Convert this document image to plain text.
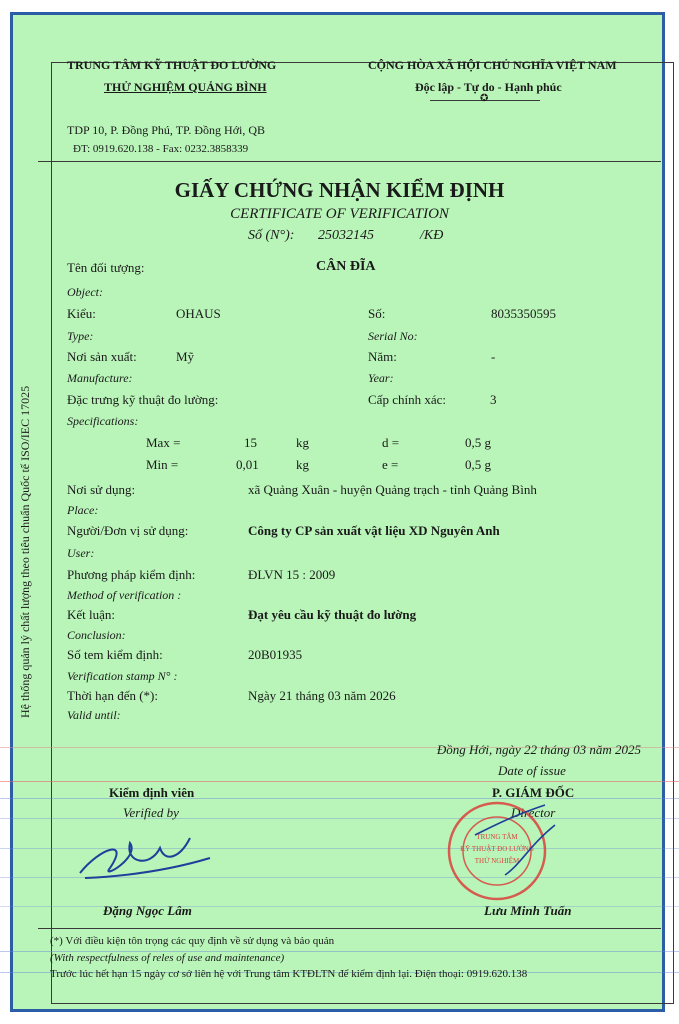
Hệ thống quản lý chất lượng theo tiêu chuẩn Quốc tế ISO/IEC 17025
TRUNG TÂM KỸ THUẬT ĐO LƯỜNG
THỬ NGHIỆM QUẢNG BÌNH
CỘNG HÒA XÃ HỘI CHỦ NGHĨA VIỆT NAM
Độc lập - Tự do - Hạnh phúc
✪
TDP 10, P. Đồng Phú, TP. Đồng Hới, QB
ĐT: 0919.620.138 - Fax: 0232.3858339
GIẤY CHỨNG NHẬN KIỂM ĐỊNH
CERTIFICATE OF VERIFICATION
Số (N°): 25032145	/KĐ
Tên đối tượng:	CÂN ĐĨA
Object:
Kiểu:	OHAUS	Số:	8035350595
Type:	Serial No:
Nơi sản xuất:	Mỹ	Năm:	-
Manufacture:	Year:
Đặc trưng kỹ thuật đo lường:	Cấp chính xác:	3
Specifications:
Max =	15	kg	d =	0,5 g
Min =	0,01	kg	e =	0,5 g
Nơi sử dụng:	xã Quảng Xuân - huyện Quảng trạch - tỉnh Quảng Bình
Place:
Người/Đơn vị sử dụng:	Công ty CP sản xuất vật liệu XD Nguyên Anh
User:
Phương pháp kiểm định:	ĐLVN 15 : 2009
Method of verification :
Kết luận:	Đạt yêu cầu kỹ thuật đo lường
Conclusion:
Số tem kiểm định:	20B01935
Verification stamp N° :
Thời hạn đến (*):	Ngày 21 tháng 03 năm 2026
Valid until:
Đồng Hới, ngày 22 tháng 03 năm 2025
Date of issue
Kiểm định viên
Verified by
P. GIÁM ĐỐC
Director
TRUNG TÂM
KỸ THUẬT ĐO LƯỜNG
THỬ NGHIỆM
Đặng Ngọc Lâm	Lưu Minh Tuấn
(*) Với điều kiện tôn trọng các quy định về sử dụng và bảo quản
(With respectfulness of reles of use and maintenance)
Trước lúc hết hạn 15 ngày cơ sở liên hệ với Trung tâm KTĐLTN để kiểm định lại. Điện thoại: 0919.620.138
